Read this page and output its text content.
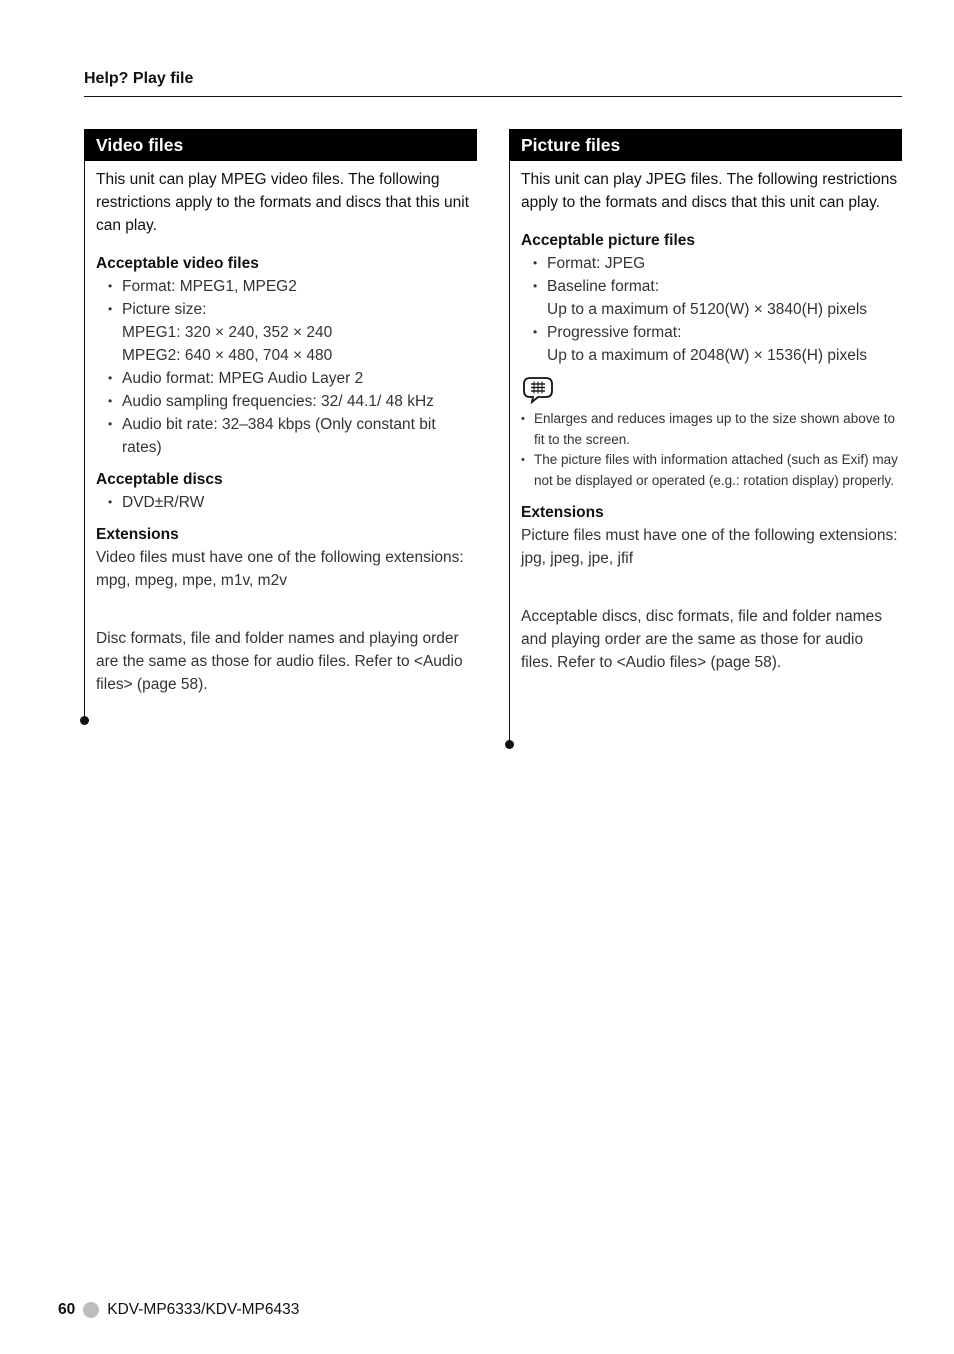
Help? Play file
Video files

This unit can play MPEG video files. The following restrictions apply to the formats and discs that this unit can play.

Acceptable video files
• Format: MPEG1, MPEG2
• Picture size:
MPEG1: 320 × 240, 352 × 240
MPEG2: 640 × 480, 704 × 480
• Audio format: MPEG Audio Layer 2
• Audio sampling frequencies: 32/ 44.1/ 48 kHz
• Audio bit rate: 32–384 kbps (Only constant bit rates)
Acceptable discs
• DVD±R/RW
Extensions
Video files must have one of the following extensions:
mpg, mpeg, mpe, m1v, m2v
Disc formats, file and folder names and playing order are the same as those for audio files. Refer to <Audio files> (page 58).
Picture files

This unit can play JPEG files. The following restrictions apply to the formats and discs that this unit can play.

Acceptable picture files
• Format: JPEG
• Baseline format:
Up to a maximum of 5120(W) × 3840(H) pixels
• Progressive format:
Up to a maximum of 2048(W) × 1536(H) pixels
• Enlarges and reduces images up to the size shown above to fit to the screen.
• The picture files with information attached (such as Exif) may not be displayed or operated (e.g.: rotation display) properly.
Extensions
Picture files must have one of the following extensions:
jpg, jpeg, jpe, jfif
Acceptable discs, disc formats, file and folder names and playing order are the same as those for audio files. Refer to <Audio files> (page 58).
60 KDV-MP6333/KDV-MP6433
